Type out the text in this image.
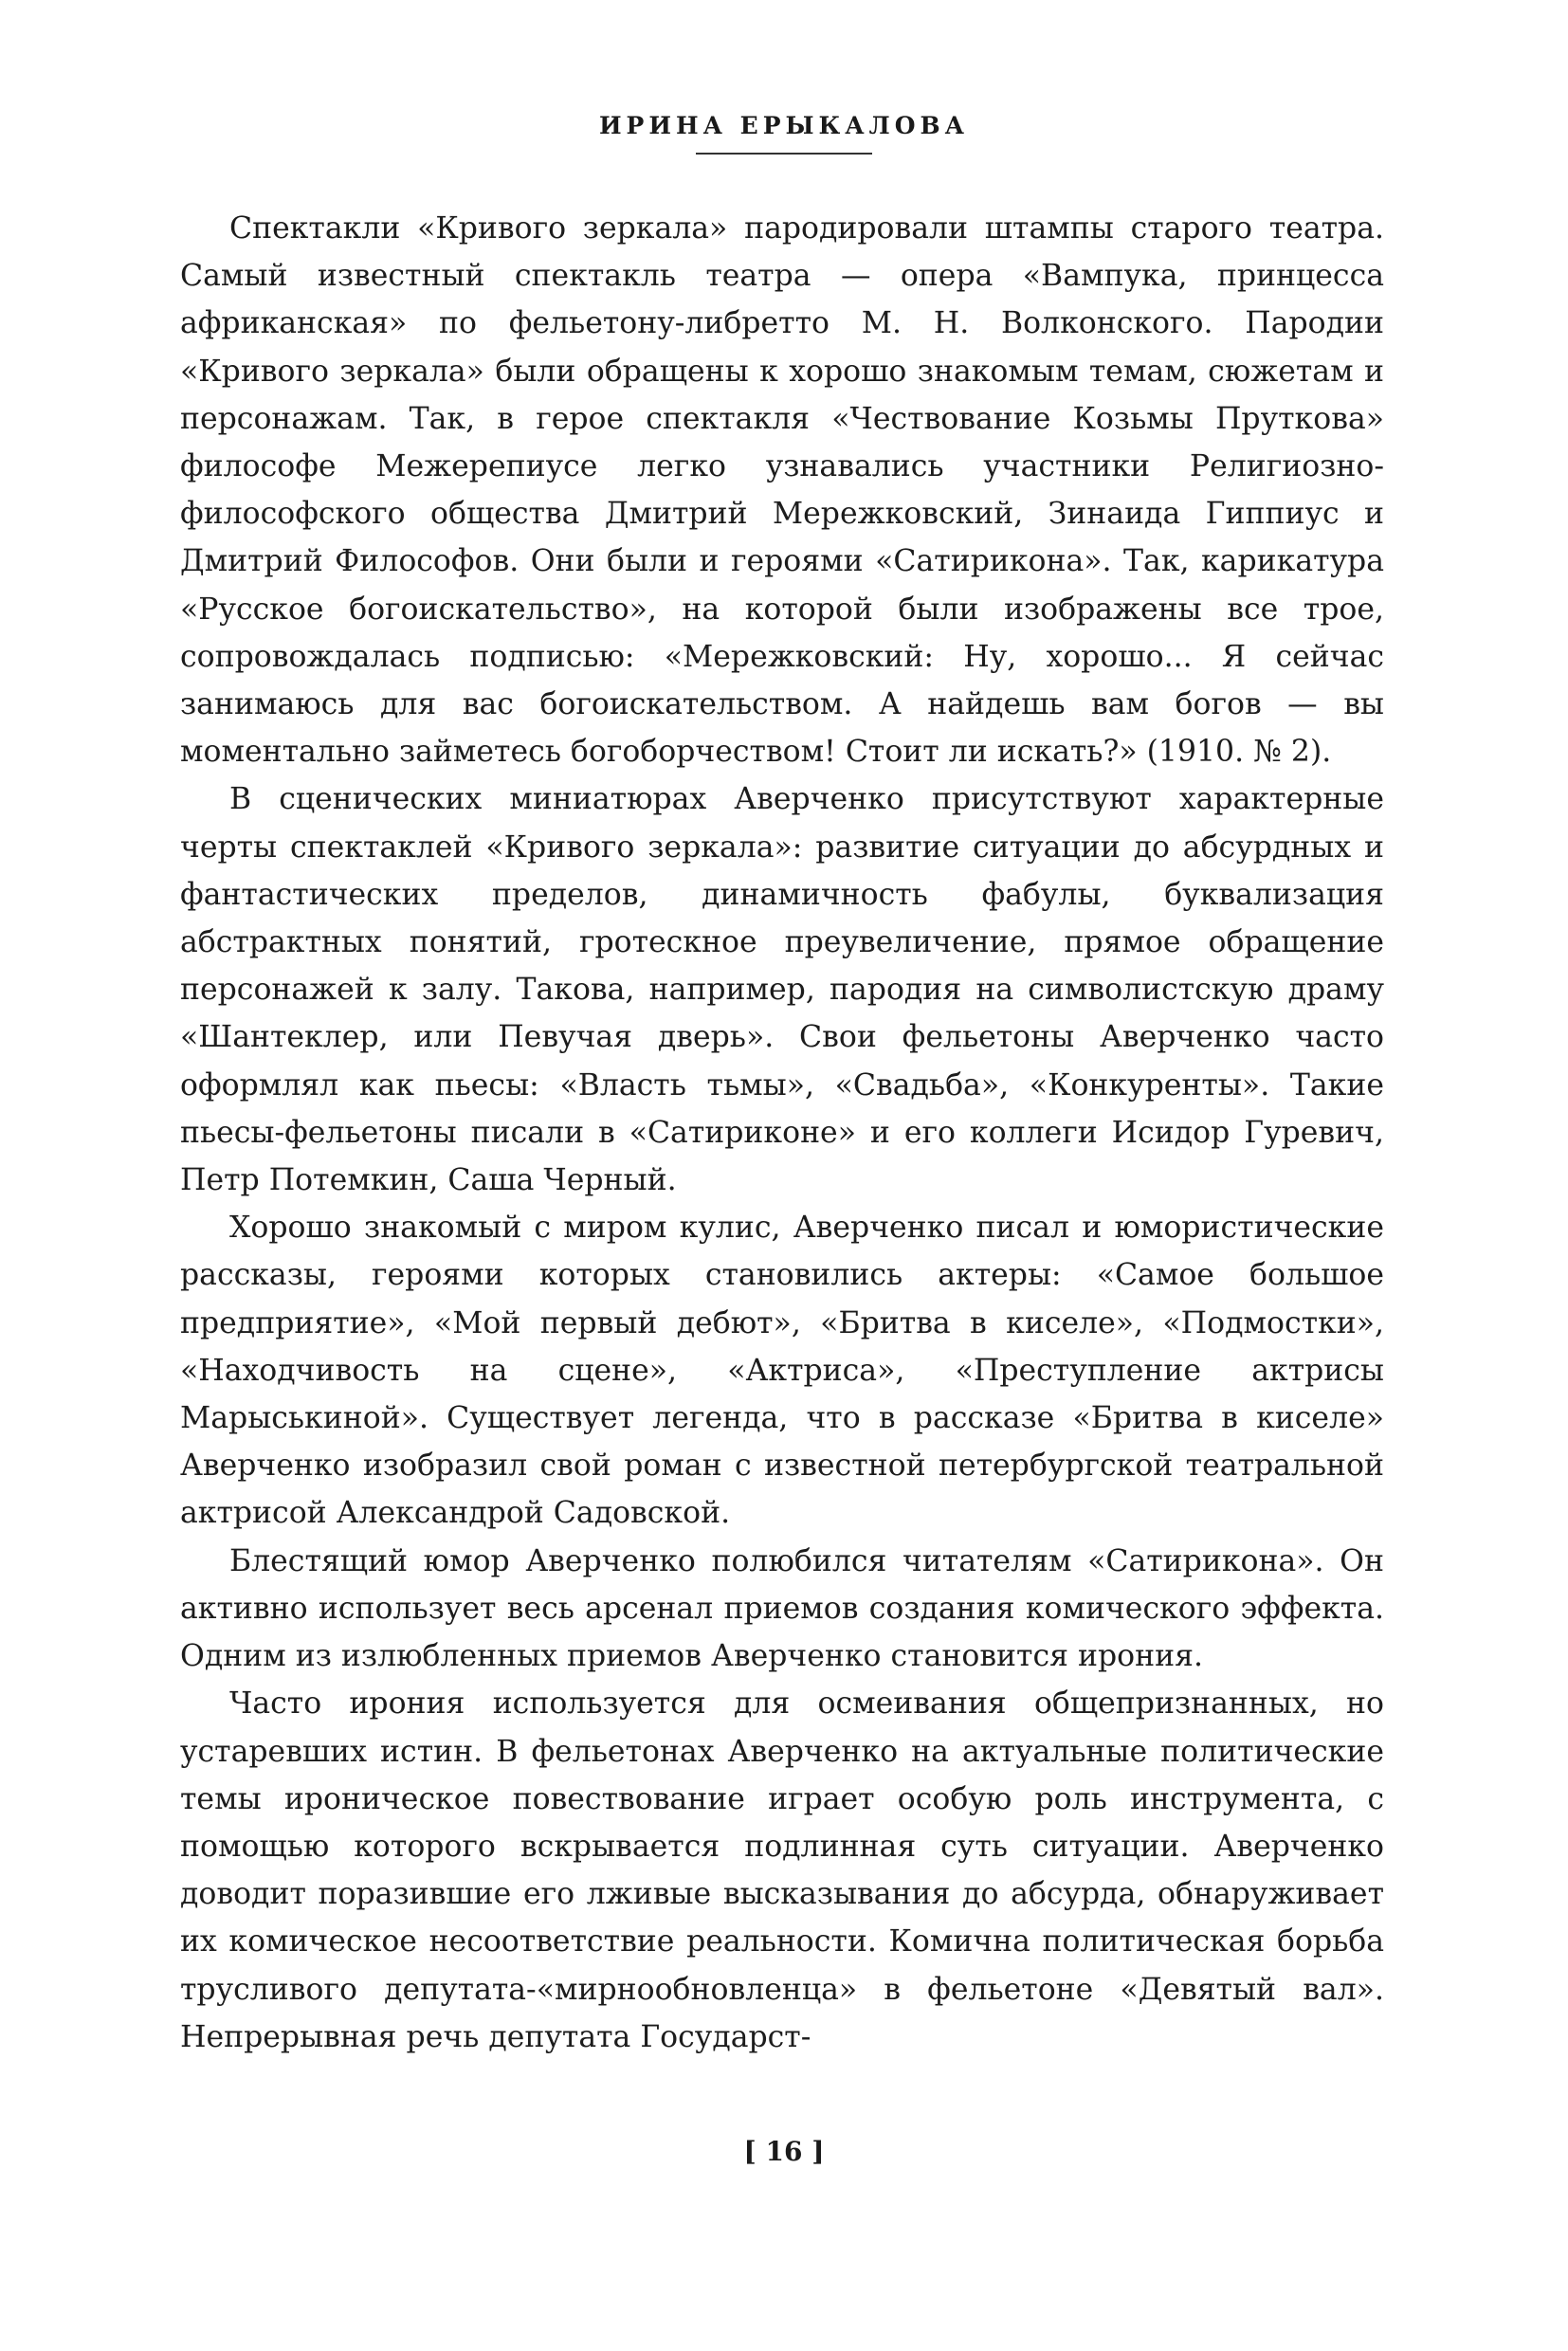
ИРИНА ЕРЫКАЛОВА

Спектакли «Кривого зеркала» пародировали штампы старого театра. Самый известный спектакль театра — опера «Вампука, принцесса африканская» по фельетону-либретто М. Н. Волконского. Пародии «Кривого зеркала» были обращены к хорошо знакомым темам, сюжетам и персонажам. Так, в герое спектакля «Чествование Козьмы Пруткова» философе Межерепиусе легко узнавались участники Религиозно-философского общества Дмитрий Мережковский, Зинаида Гиппиус и Дмитрий Философов. Они были и героями «Сатирикона». Так, карикатура «Русское богоискательство», на которой были изображены все трое, сопровождалась подписью: «Мережковский: Ну, хорошо... Я сейчас занимаюсь для вас богоискательством. А найдешь вам богов — вы моментально займетесь богоборчеством! Стоит ли искать?» (1910. № 2).

В сценических миниатюрах Аверченко присутствуют характерные черты спектаклей «Кривого зеркала»: развитие ситуации до абсурдных и фантастических пределов, динамичность фабулы, буквализация абстрактных понятий, гротескное преувеличение, прямое обращение персонажей к залу. Такова, например, пародия на символистскую драму «Шантеклер, или Певучая дверь». Свои фельетоны Аверченко часто оформлял как пьесы: «Власть тьмы», «Свадьба», «Конкуренты». Такие пьесы-фельетоны писали в «Сатириконе» и его коллеги Исидор Гуревич, Петр Потемкин, Саша Черный.

Хорошо знакомый с миром кулис, Аверченко писал и юмористические рассказы, героями которых становились актеры: «Самое большое предприятие», «Мой первый дебют», «Бритва в киселе», «Подмостки», «Находчивость на сцене», «Актриса», «Преступление актрисы Марыськиной». Существует легенда, что в рассказе «Бритва в киселе» Аверченко изобразил свой роман с известной петербургской театральной актрисой Александрой Садовской.

Блестящий юмор Аверченко полюбился читателям «Сатирикона». Он активно использует весь арсенал приемов создания комического эффекта. Одним из излюбленных приемов Аверченко становится ирония.

Часто ирония используется для осмеивания общепризнанных, но устаревших истин. В фельетонах Аверченко на актуальные политические темы ироническое повествование играет особую роль инструмента, с помощью которого вскрывается подлинная суть ситуации. Аверченко доводит поразившие его лживые высказывания до абсурда, обнаруживает их комическое несоответствие реальности. Комична политическая борьба трусливого депутата-«мирнообновленца» в фельетоне «Девятый вал». Непрерывная речь депутата Государст-

[ 16 ]
